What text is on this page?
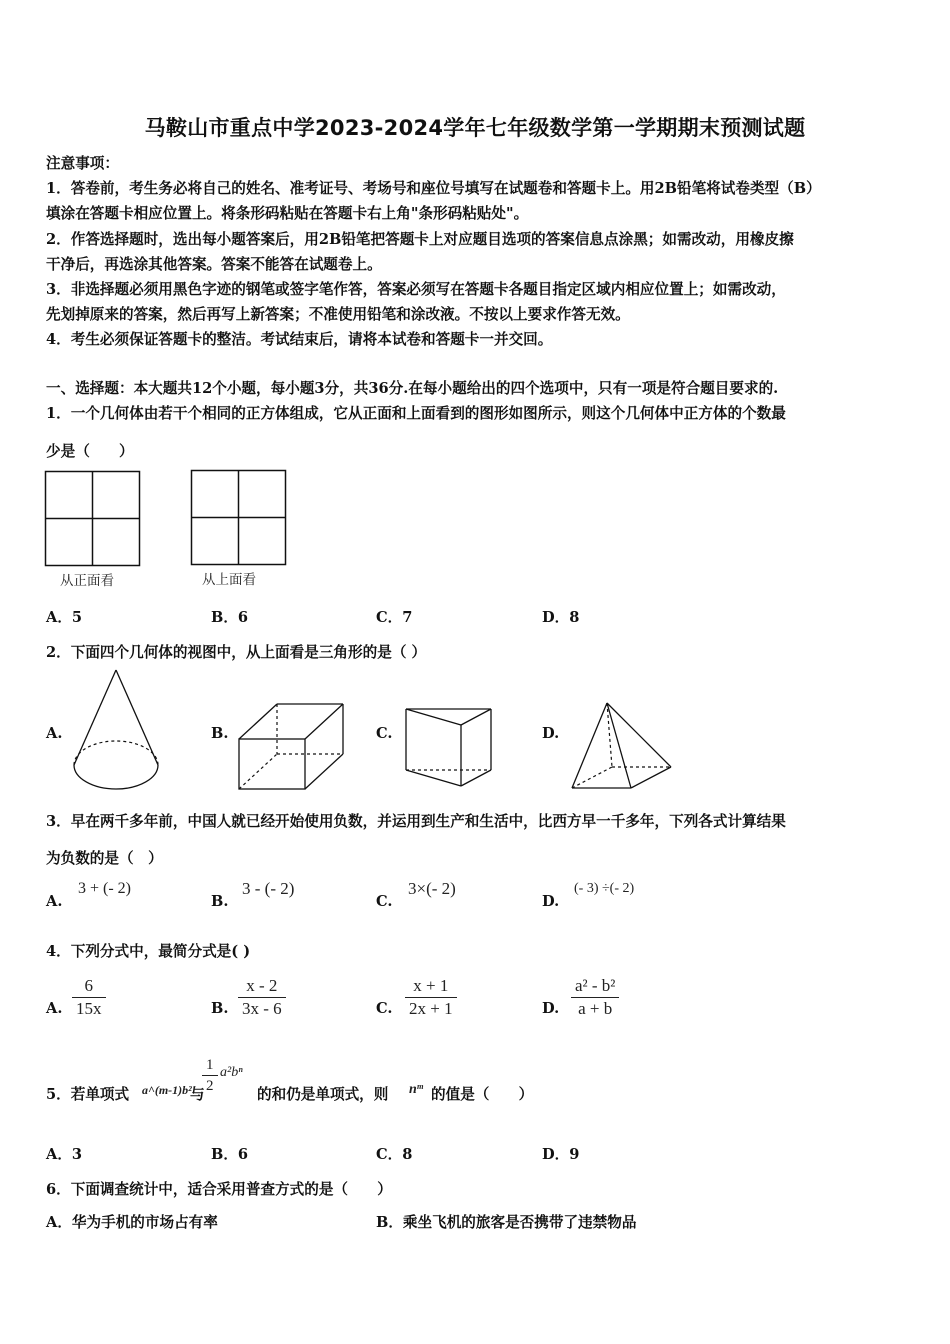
马鞍山市重点中学2023-2024学年七年级数学第一学期期末预测试题
注意事项：
1．答卷前，考生务必将自己的姓名、准考证号、考场号和座位号填写在试题卷和答题卡上。用2B铅笔将试卷类型（B）
填涂在答题卡相应位置上。将条形码粘贴在答题卡右上角"条形码粘贴处"。
2．作答选择题时，选出每小题答案后，用2B铅笔把答题卡上对应题目选项的答案信息点涂黑；如需改动，用橡皮擦
干净后，再选涂其他答案。答案不能答在试题卷上。
3．非选择题必须用黑色字迹的钢笔或签字笔作答，答案必须写在答题卡各题目指定区域内相应位置上；如需改动，
先划掉原来的答案，然后再写上新答案；不准使用铅笔和涂改液。不按以上要求作答无效。
4．考生必须保证答题卡的整洁。考试结束后，请将本试卷和答题卡一并交回。
一、选择题：本大题共12个小题，每小题3分，共36分.在每小题给出的四个选项中，只有一项是符合题目要求的.
1．一个几何体由若干个相同的正方体组成，它从正面和上面看到的图形如图所示，则这个几何体中正方体的个数最
少是（　　）
从正面看	从上面看
A．5	B．6	C．7	D．8
2．下面四个几何体的视图中，从上面看是三角形的是（ ）
A.	B.	C.	D.
3．早在两千多年前，中国人就已经开始使用负数，并运用到生产和生活中，比西方早一千多年，下列各式计算结果
为负数的是（　）
A.
3 + (- 2)
B.
3 - (- 2)
C.
3×(- 2)
D.
(- 3) ÷(- 2)
4．下列分式中，最简分式是( )
A. $\frac{6}{15x}$	B. $\frac{x - 2}{3x - 6}$	C. $\frac{x + 1}{2x + 1}$	D. $\frac{\text{a² - b²}}{a + b}$
5．若单项式 a^(m-1)b²
与
$\frac{1}{2} a^2b^n$
的和仍是单项式，则 nᵐ 的值是（　　）
A．3	B．6	C．8	D．9
6．下面调查统计中，适合采用普查方式的是（　　）
A．华为手机的市场占有率	B．乘坐飞机的旅客是否携带了违禁物品
